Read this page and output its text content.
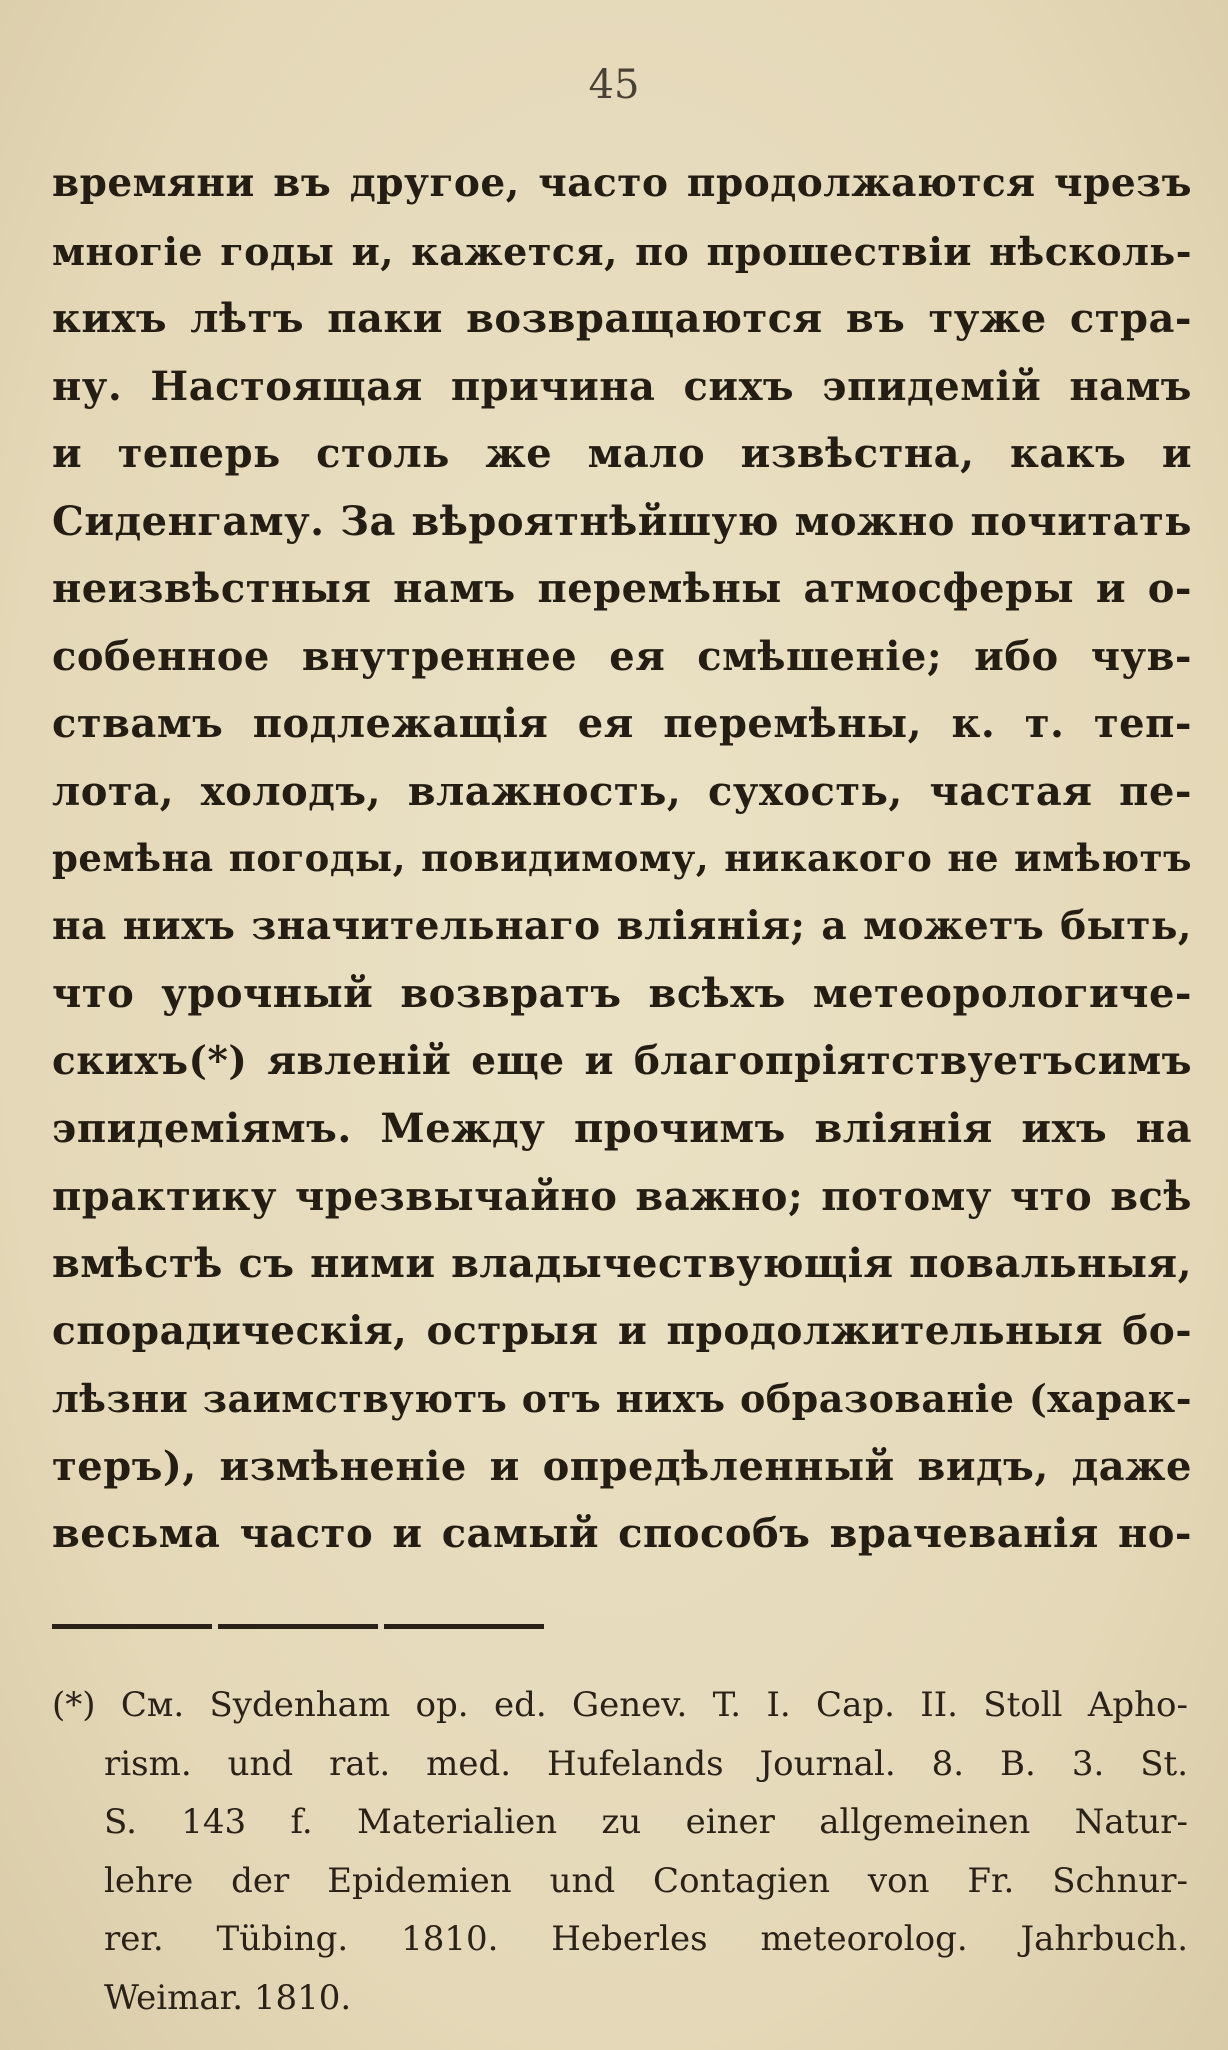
45
времяни въ другое, часто продолжаются чрезъ
многіе годы и, кажется, по прошествіи нѣсколь-
кихъ лѣтъ паки возвращаются въ туже стра-
ну. Настоящая причина сихъ эпидемій намъ
и теперь столь же мало извѣстна, какъ и
Сиденгаму. За вѣроятнѣйшую можно почитать
неизвѣстныя намъ перемѣны атмосферы и о-
собенное внутреннее ея смѣшеніе; ибо чув-
ствамъ подлежащія ея перемѣны, к. т. теп-
лота, холодъ, влажность, сухость, частая пе-
ремѣна погоды, повидимому, никакого не имѣютъ
на нихъ значительнаго вліянія; а можетъ быть,
что урочный возвратъ всѣхъ метеорологиче-
скихъ(*) явленій еще и благопріятствуетъсимъ
эпидеміямъ. Между прочимъ вліянія ихъ на
практику чрезвычайно важно; потому что всѣ
вмѣстѣ съ ними владычествующія повальныя,
спорадическія, острыя и продолжительныя бо-
лѣзни заимствуютъ отъ нихъ образованіе (харак-
теръ), измѣненіе и опредѣленный видъ, даже
весьма часто и самый способъ врачеванія но-
(*) См. Sydenham op. ed. Genev. T. I. Cap. II. Stoll Apho-
rism. und rat. med. Hufelands Journal. 8. B. 3. St.
S. 143 f. Materialien zu einer allgemeinen Natur-
lehre der Epidemien und Contagien von Fr. Schnur-
rer. Tübing. 1810. Heberles meteorolog. Jahrbuch.
Weimar. 1810.
